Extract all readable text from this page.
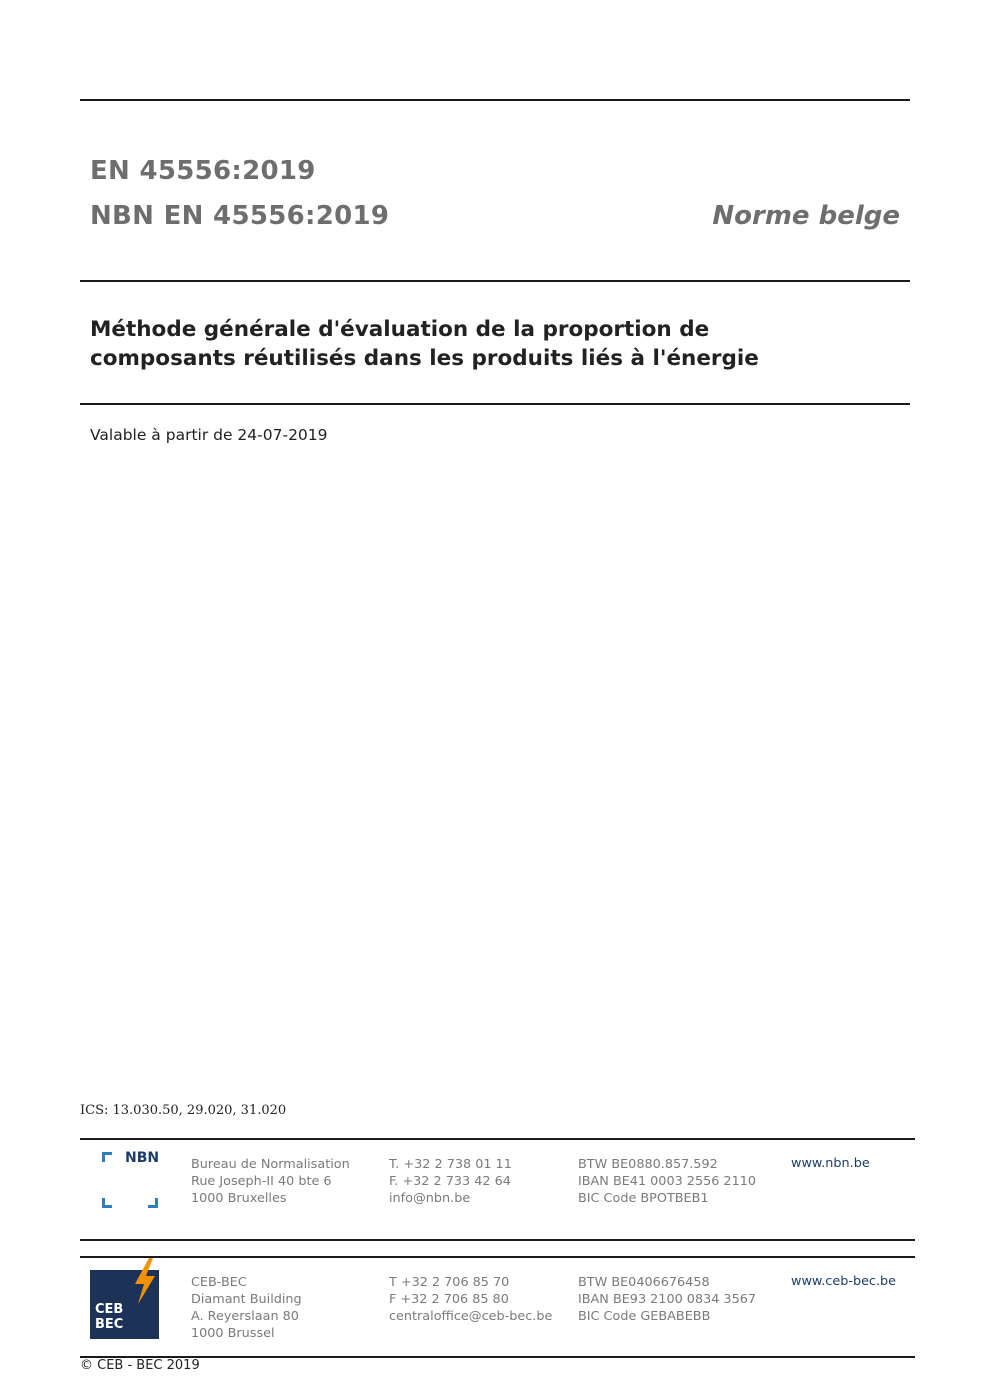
EN 45556:2019
NBN EN 45556:2019	Norme belge
Méthode générale d'évaluation de la proportion de
composants réutilisés dans les produits liés à l'énergie
Valable à partir de 24-07-2019
ICS: 13.030.50, 29.020, 31.020
NBN Bureau de Normalisation
Rue Joseph-II 40 bte 6
1000 Bruxelles
T. +32 2 738 01 11
F. +32 2 733 42 64
info@nbn.be
BTW BE0880.857.592
IBAN BE41 0003 2556 2110
BIC Code BPOTBEB1
www.nbn.be
CEB
BEC
CEB-BEC
Diamant Building
A. Reyerslaan 80
1000 Brussel
T +32 2 706 85 70
F +32 2 706 85 80
centraloffice@ceb-bec.be
BTW BE0406676458
IBAN BE93 2100 0834 3567
BIC Code GEBABEBB
www.ceb-bec.be
© CEB - BEC 2019
